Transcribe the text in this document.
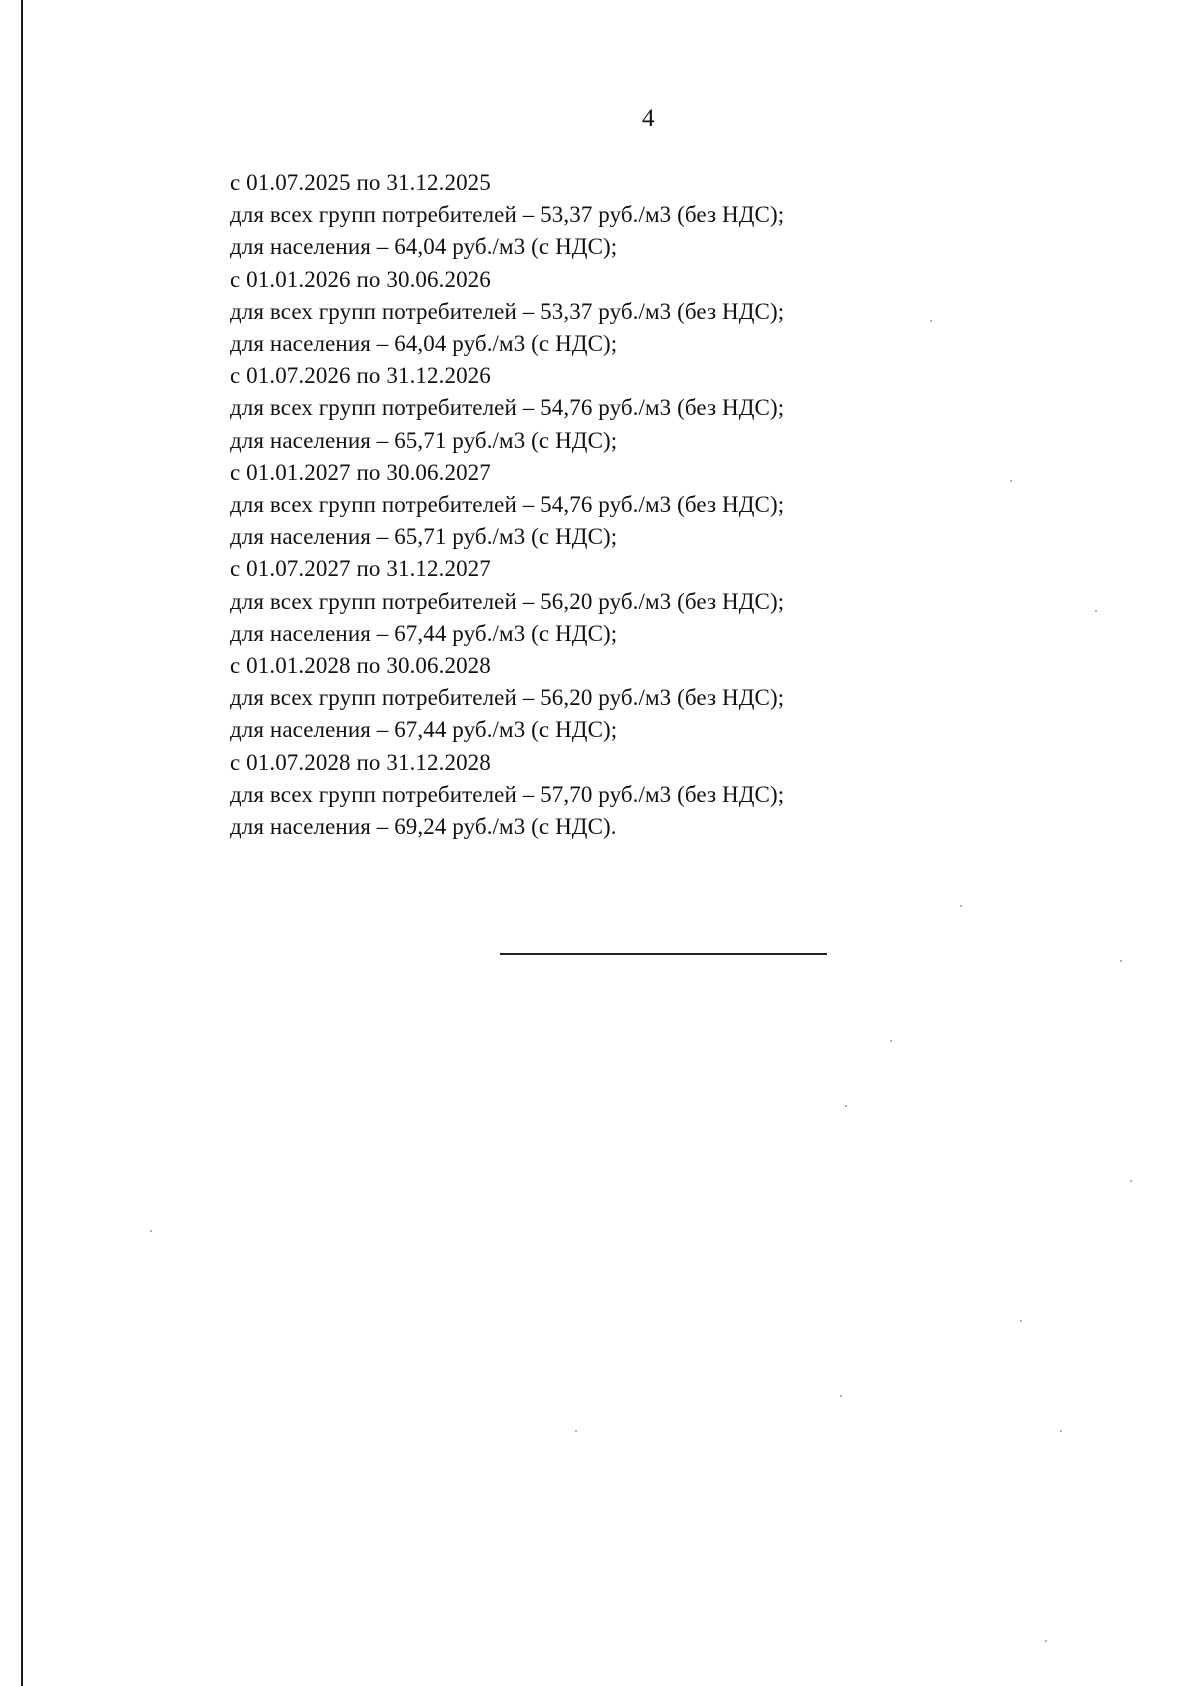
4
с 01.07.2025 по 31.12.2025
для всех групп потребителей – 53,37 руб./м3 (без НДС);
для населения – 64,04 руб./м3 (с НДС);
с 01.01.2026 по 30.06.2026
для всех групп потребителей – 53,37 руб./м3 (без НДС);
для населения – 64,04 руб./м3 (с НДС);
с 01.07.2026 по 31.12.2026
для всех групп потребителей – 54,76 руб./м3 (без НДС);
для населения – 65,71 руб./м3 (с НДС);
с 01.01.2027 по 30.06.2027
для всех групп потребителей – 54,76 руб./м3 (без НДС);
для населения – 65,71 руб./м3 (с НДС);
с 01.07.2027 по 31.12.2027
для всех групп потребителей – 56,20 руб./м3 (без НДС);
для населения – 67,44 руб./м3 (с НДС);
с 01.01.2028 по 30.06.2028
для всех групп потребителей – 56,20 руб./м3 (без НДС);
для населения – 67,44 руб./м3 (с НДС);
с 01.07.2028 по 31.12.2028
для всех групп потребителей – 57,70 руб./м3 (без НДС);
для населения – 69,24 руб./м3 (с НДС).
